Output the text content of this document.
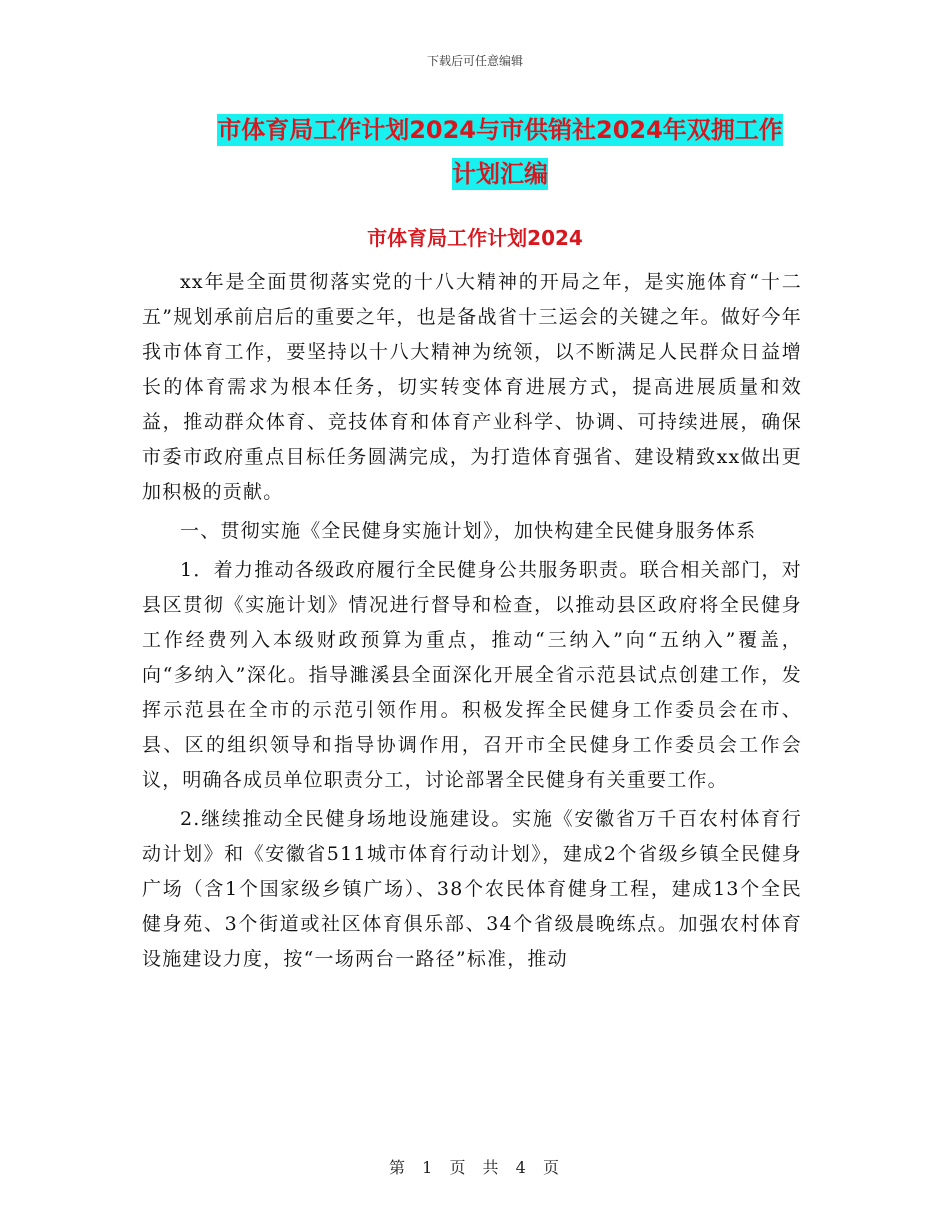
下载后可任意编辑
市体育局工作计划2024与市供销社2024年双拥工作
计划汇编
市体育局工作计划2024

xx年是全面贯彻落实党的十八大精神的开局之年，是实施体育“十二五”规划承前启后的重要之年，也是备战省十三运会的关键之年。做好今年我市体育工作，要坚持以十八大精神为统领，以不断满足人民群众日益增长的体育需求为根本任务，切实转变体育进展方式，提高进展质量和效益，推动群众体育、竞技体育和体育产业科学、协调、可持续进展，确保市委市政府重点目标任务圆满完成，为打造体育强省、建设精致xx做出更加积极的贡献。

一、贯彻实施《全民健身实施计划》，加快构建全民健身服务体系

1．着力推动各级政府履行全民健身公共服务职责。联合相关部门，对县区贯彻《实施计划》情况进行督导和检查，以推动县区政府将全民健身工作经费列入本级财政预算为重点，推动“三纳入”向“五纳入”覆盖，向“多纳入”深化。指导濉溪县全面深化开展全省示范县试点创建工作，发挥示范县在全市的示范引领作用。积极发挥全民健身工作委员会在市、县、区的组织领导和指导协调作用，召开市全民健身工作委员会工作会议，明确各成员单位职责分工，讨论部署全民健身有关重要工作。

2.继续推动全民健身场地设施建设。实施《安徽省万千百农村体育行动计划》和《安徽省511城市体育行动计划》，建成2个省级乡镇全民健身广场（含1个国家级乡镇广场）、38个农民体育健身工程，建成13个全民健身苑、3个街道或社区体育俱乐部、34个省级晨晚练点。加强农村体育设施建设力度，按“一场两台一路径”标准，推动

第 1 页 共 4 页
